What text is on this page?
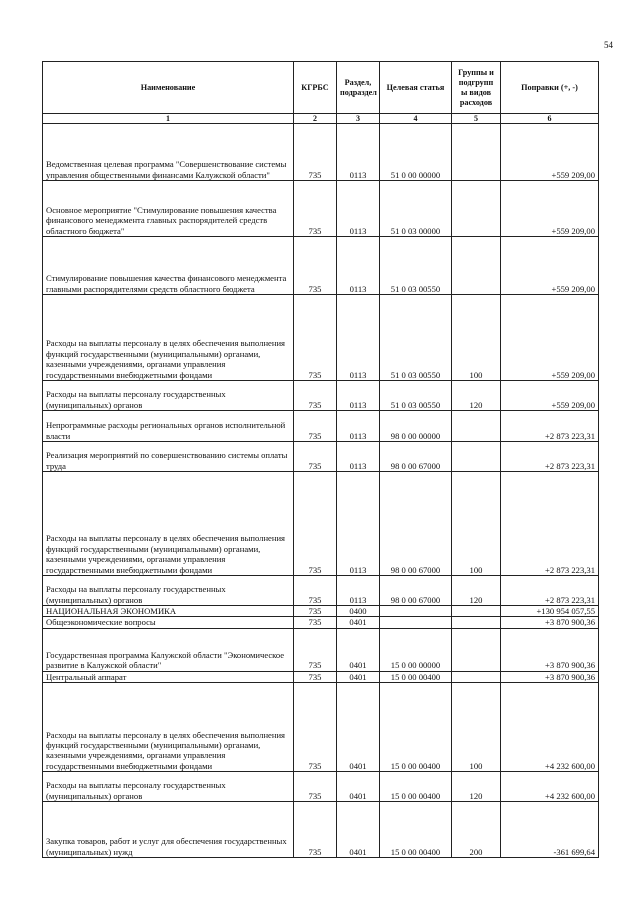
54
Наименование	КГРБС	Раздел, подраздел	Целевая статья	Группы и подгрупп ы видов расходов	Поправки (+, -)
1	2	3	4	5	6
Ведомственная целевая программа "Совершенствование системы управления общественными финансами Калужской области"	735	0113	51 0 00 00000		+559 209,00
Основное мероприятие "Стимулирование повышения качества финансового менеджмента главных распорядителей средств областного бюджета"	735	0113	51 0 03 00000		+559 209,00
Стимулирование повышения качества финансового менеджмента главными распорядителями средств областного бюджета	735	0113	51 0 03 00550		+559 209,00
Расходы на выплаты персоналу в целях обеспечения выполнения функций государственными (муниципальными) органами, казенными учреждениями, органами управления государственными внебюджетными фондами	735	0113	51 0 03 00550	100	+559 209,00
Расходы на выплаты персоналу государственных (муниципальных) органов	735	0113	51 0 03 00550	120	+559 209,00
Непрограммные расходы региональных органов исполнительной власти	735	0113	98 0 00 00000		+2 873 223,31
Реализация мероприятий по совершенствованию системы оплаты труда	735	0113	98 0 00 67000		+2 873 223,31
Расходы на выплаты персоналу в целях обеспечения выполнения функций государственными (муниципальными) органами, казенными учреждениями, органами управления государственными внебюджетными фондами	735	0113	98 0 00 67000	100	+2 873 223,31
Расходы на выплаты персоналу государственных (муниципальных) органов	735	0113	98 0 00 67000	120	+2 873 223,31
НАЦИОНАЛЬНАЯ ЭКОНОМИКА	735	0400			+130 954 057,55
Общеэкономические вопросы	735	0401			+3 870 900,36
Государственная программа Калужской области "Экономическое развитие в Калужской области"	735	0401	15 0 00 00000		+3 870 900,36
Центральный аппарат	735	0401	15 0 00 00400		+3 870 900,36
Расходы на выплаты персоналу в целях обеспечения выполнения функций государственными (муниципальными) органами, казенными учреждениями, органами управления государственными внебюджетными фондами	735	0401	15 0 00 00400	100	+4 232 600,00
Расходы на выплаты персоналу государственных (муниципальных) органов	735	0401	15 0 00 00400	120	+4 232 600,00
Закупка товаров, работ и услуг для обеспечения государственных (муниципальных) нужд	735	0401	15 0 00 00400	200	-361 699,64
